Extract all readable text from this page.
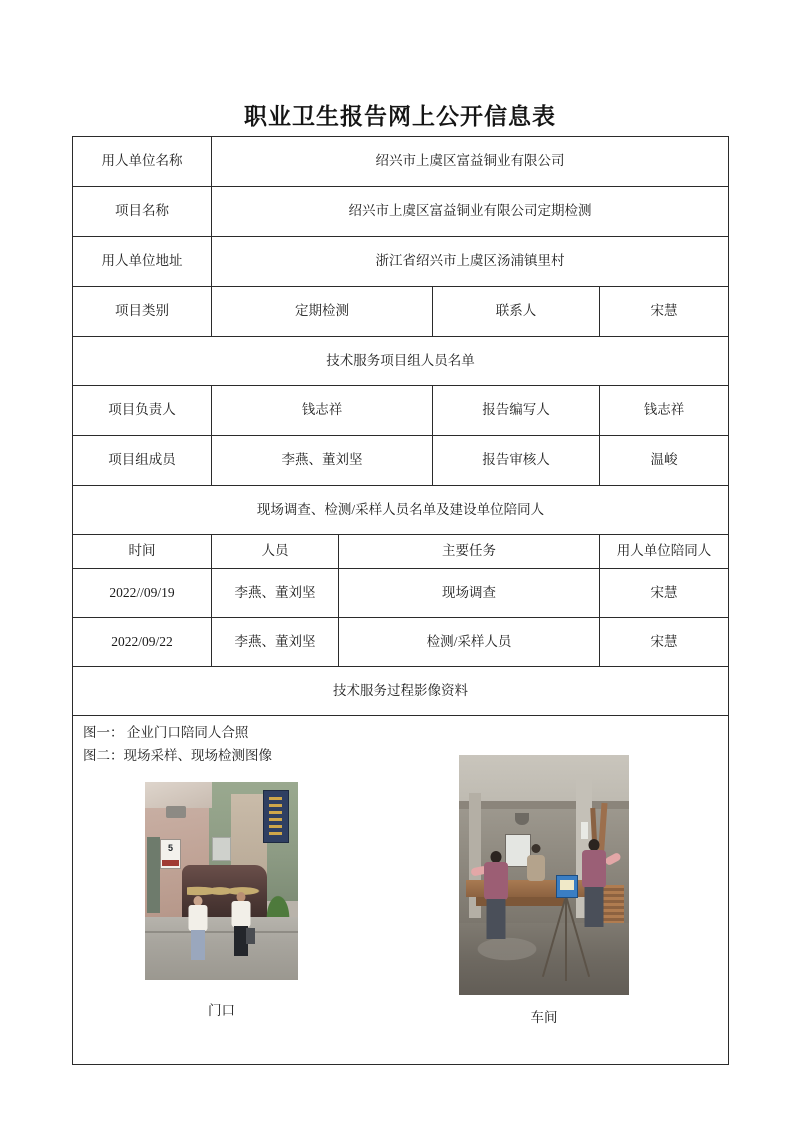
职业卫生报告网上公开信息表
用人单位名称	绍兴市上虞区富益铜业有限公司			
项目名称	绍兴市上虞区富益铜业有限公司定期检测			
用人单位地址	浙江省绍兴市上虞区汤浦镇里村			
项目类别	定期检测		联系人	宋慧
技术服务项目组人员名单				
项目负责人	钱志祥		报告编写人	钱志祥
项目组成员	李燕、董刘坚		报告审核人	温峻
现场调查、检测/采样人员名单及建设单位陪同人				
时间	人员	主要任务		用人单位陪同人
2022//09/19	李燕、董刘坚	现场调查		宋慧
2022/09/22	李燕、董刘坚	检测/采样人员		宋慧
技术服务过程影像资料				

图一： 企业门口陪同人合照
图二：现场采样、现场检测图像
5
门口 车间				
